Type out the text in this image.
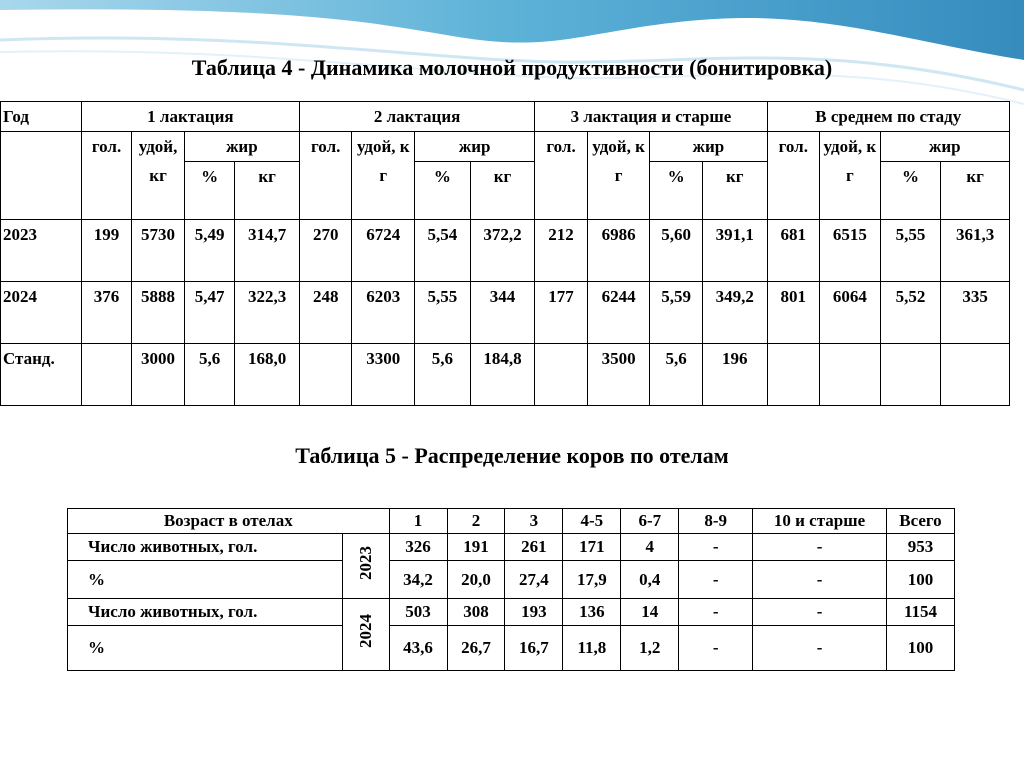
Таблица 4 - Динамика молочной продуктивности (бонитировка)
Год	1 лактация				2 лактация				3 лактация и старше				В среднем по стаду			
	гол.	удой, кг	жир		гол.	удой, кг	жир		гол.	удой, кг	жир		гол.	удой, кг	жир	
			%	кг			%	кг			%	кг			%	кг
2023	199	5730	5,49	314,7	270	6724	5,54	372,2	212	6986	5,60	391,1	681	6515	5,55	361,3
2024	376	5888	5,47	322,3	248	6203	5,55	344	177	6244	5,59	349,2	801	6064	5,52	335
Станд.		3000	5,6	168,0		3300	5,6	184,8		3500	5,6	196				
Таблица 5 - Распределение коров по отелам
Возраст в отелах		1	2	3	4-5	6-7	8-9	10 и старше	Всего
Число животных, гол.	2023	326	191	261	171	4	-	-	953
%		34,2	20,0	27,4	17,9	0,4	-	-	100
Число животных, гол.	2024	503	308	193	136	14	-	-	1154
%		43,6	26,7	16,7	11,8	1,2	-	-	100
